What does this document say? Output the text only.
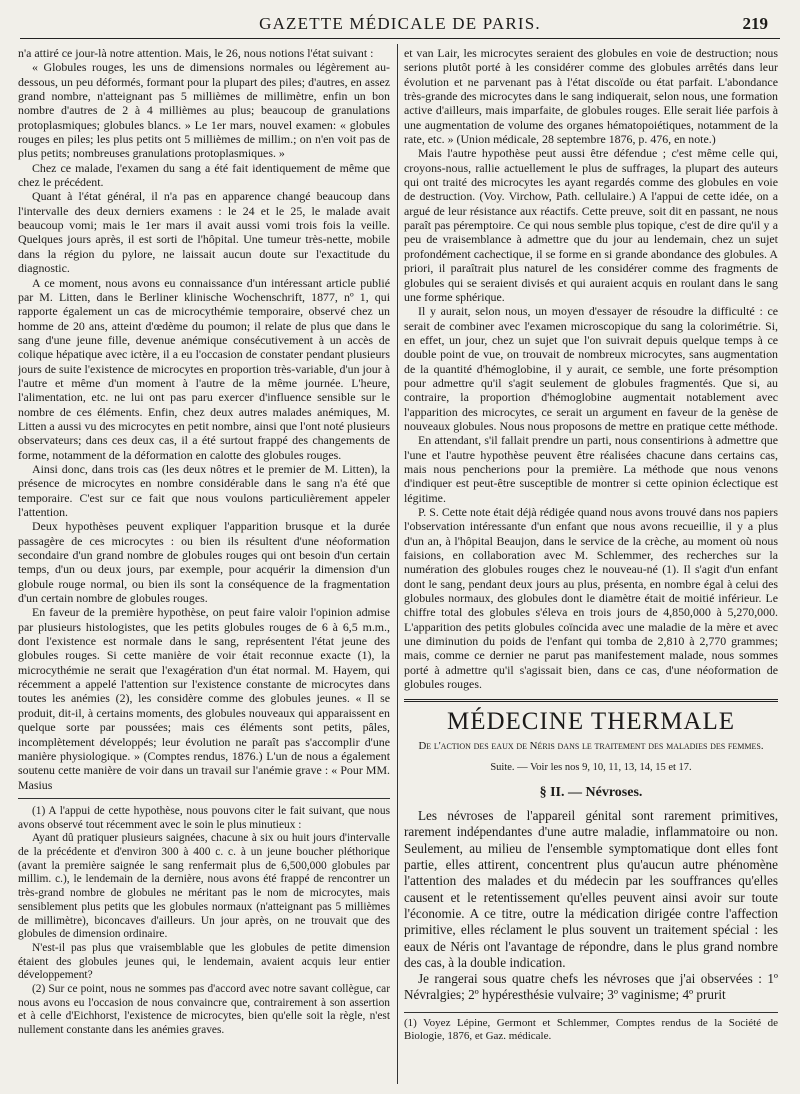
GAZETTE MÉDICALE DE PARIS.	219

n'a attiré ce jour-là notre attention. Mais, le 26, nous notions l'état suivant :

« Globules rouges, les uns de dimensions normales ou légèrement au-dessous, un peu déformés, formant pour la plupart des piles; d'autres, en assez grand nombre, n'atteignant pas 5 millièmes de millimètre, enfin un bon nombre d'autres de 2 à 4 millièmes au plus; beaucoup de granulations protoplasmiques; globules blancs. » Le 1er mars, nouvel examen: « globules rouges en piles; les plus petits ont 5 millièmes de millim.; on n'en voit pas de plus petits; nombreuses granulations protoplasmiques. »

Chez ce malade, l'examen du sang a été fait identiquement de même que chez le précédent.

Quant à l'état général, il n'a pas en apparence changé beaucoup dans l'intervalle des deux derniers examens : le 24 et le 25, le malade avait beaucoup vomi; mais le 1er mars il avait aussi vomi trois fois la veille. Quelques jours après, il est sorti de l'hôpital. Une tumeur très-nette, mobile dans la région du pylore, ne laissait aucun doute sur l'exactitude du diagnostic.

A ce moment, nous avons eu connaissance d'un intéressant article publié par M. Litten, dans le Berliner klinische Wochenschrift, 1877, nº 1, qui rapporte également un cas de microcythémie temporaire, observé chez un homme de 20 ans, atteint d'œdème du poumon; il relate de plus que dans le sang d'une jeune fille, devenue anémique consécutivement à un accès de colique hépatique avec ictère, il a eu l'occasion de constater pendant plusieurs jours de suite l'existence de microcytes en proportion très-variable, d'un jour à l'autre et même d'un moment à l'autre de la même journée. L'heure, l'alimentation, etc. ne lui ont pas paru exercer d'influence sensible sur le nombre de ces éléments. Enfin, chez deux autres malades anémiques, M. Litten a aussi vu des microcytes en petit nombre, ainsi que l'ont noté plusieurs observateurs; dans ces deux cas, il a été surtout frappé des changements de forme, notamment de la déformation en calotte des globules rouges.

Ainsi donc, dans trois cas (les deux nôtres et le premier de M. Litten), la présence de microcytes en nombre considérable dans le sang n'a été que temporaire. C'est sur ce fait que nous voulons particulièrement appeler l'attention.

Deux hypothèses peuvent expliquer l'apparition brusque et la durée passagère de ces microcytes : ou bien ils résultent d'une néoformation secondaire d'un grand nombre de globules rouges qui ont besoin d'un certain temps, d'un ou deux jours, par exemple, pour acquérir la dimension d'un globule rouge normal, ou bien ils sont la conséquence de la fragmentation d'un certain nombre de globules rouges.

En faveur de la première hypothèse, on peut faire valoir l'opinion admise par plusieurs histologistes, que les petits globules rouges de 6 à 6,5 m.m., dont l'existence est normale dans le sang, représentent l'état jeune des globules rouges. Si cette manière de voir était reconnue exacte (1), la microcythémie ne serait que l'exagération d'un état normal. M. Hayem, qui récemment a appelé l'attention sur l'existence constante de microcytes dans toutes les anémies (2), les considère comme des globules jeunes. « Il se produit, dit-il, à certains moments, des globules nouveaux qui apparaissent en quelque sorte par poussées; mais ces éléments sont petits, pâles, incomplètement développés; leur évolution ne paraît pas s'accomplir d'une manière physiologique. » (Comptes rendus, 1876.) L'un de nous a également soutenu cette manière de voir dans un travail sur l'anémie grave : « Pour MM. Masius

(1) A l'appui de cette hypothèse, nous pouvons citer le fait suivant, que nous avons observé tout récemment avec le soin le plus minutieux :

Ayant dû pratiquer plusieurs saignées, chacune à six ou huit jours d'intervalle de la précédente et d'environ 300 à 400 c. c. à un jeune boucher pléthorique (avant la première saignée le sang renfermait plus de 6,500,000 globules par millim. c.), le lendemain de la dernière, nous avons été frappé de rencontrer un très-grand nombre de globules ne méritant pas le nom de microcytes, mais sensiblement plus petits que les globules normaux (n'atteignant pas 5 millièmes de millimètre), biconcaves d'ailleurs. Un jour après, on ne trouvait que des globules de dimension ordinaire.

N'est-il pas plus que vraisemblable que les globules de petite dimension étaient des globules jeunes qui, le lendemain, avaient acquis leur entier développement?

(2) Sur ce point, nous ne sommes pas d'accord avec notre savant collègue, car nous avons eu l'occasion de nous convaincre que, contrairement à son assertion et à celle d'Eichhorst, l'existence de microcytes, bien qu'elle soit la règle, n'est nullement constante dans les anémies graves.

et van Lair, les microcytes seraient des globules en voie de destruction; nous serions plutôt porté à les considérer comme des globules arrêtés dans leur évolution et ne parvenant pas à l'état discoïde ou état parfait. L'abondance très-grande des microcytes dans le sang indiquerait, selon nous, une formation active d'ailleurs, mais imparfaite, de globules rouges. Elle serait liée parfois à une augmentation de volume des organes hématopoiétiques, notamment de la rate, etc. » (Union médicale, 28 septembre 1876, p. 476, en note.)

Mais l'autre hypothèse peut aussi être défendue ; c'est même celle qui, croyons-nous, rallie actuellement le plus de suffrages, la plupart des auteurs qui ont traité des microcytes les ayant regardés comme des globules en voie de destruction. (Voy. Virchow, Path. cellulaire.) A l'appui de cette idée, on a argué de leur résistance aux réactifs. Cette preuve, soit dit en passant, ne nous paraît pas péremptoire. Ce qui nous semble plus topique, c'est de dire qu'il y a peu de vraisemblance à admettre que du jour au lendemain, chez un sujet profondément cachectique, il se forme en si grande abondance des globules. A priori, il paraîtrait plus naturel de les considérer comme des fragments de globules qui se seraient divisés et qui auraient acquis en roulant dans le sang une forme sphérique.

Il y aurait, selon nous, un moyen d'essayer de résoudre la difficulté : ce serait de combiner avec l'examen microscopique du sang la colorimétrie. Si, en effet, un jour, chez un sujet que l'on suivrait depuis quelque temps à ce double point de vue, on trouvait de nombreux microcytes, sans augmentation de la quantité d'hémoglobine, il y aurait, ce semble, une forte présomption pour admettre qu'il s'agit seulement de globules fragmentés. Que si, au contraire, la proportion d'hémoglobine augmentait notablement avec l'apparition des microcytes, ce serait un argument en faveur de la genèse de nouveaux globules. Nous nous proposons de mettre en pratique cette méthode.

En attendant, s'il fallait prendre un parti, nous consentirions à admettre que l'une et l'autre hypothèse peuvent être réalisées chacune dans certains cas, mais nous pencherions pour la première. La méthode que nous venons d'indiquer est peut-être susceptible de montrer si cette opinion éclectique est légitime.

P. S. Cette note était déjà rédigée quand nous avons trouvé dans nos papiers l'observation intéressante d'un enfant que nous avons recueillie, il y a plus d'un an, à l'hôpital Beaujon, dans le service de la crèche, au moment où nous faisions, en collaboration avec M. Schlemmer, des recherches sur la numération des globules rouges chez le nouveau-né (1). Il s'agit d'un enfant dont le sang, pendant deux jours au plus, présenta, en nombre égal à celui des globules normaux, des globules dont le diamètre était de moitié inférieur. Le chiffre total des globules s'éleva en trois jours de 4,850,000 à 5,270,000. L'apparition des petits globules coïncida avec une maladie de la mère et avec une diminution du poids de l'enfant qui tomba de 2,810 à 2,770 grammes; mais, comme ce dernier ne parut pas manifestement malade, nous sommes porté à admettre qu'il s'agissait bien, dans ce cas, d'une néoformation de globules rouges.

MÉDECINE THERMALE
De l'action des eaux de Néris dans le traitement des maladies des femmes.
Suite. — Voir les nos 9, 10, 11, 13, 14, 15 et 17.
§ II. — Névroses.

Les névroses de l'appareil génital sont rarement primitives, rarement indépendantes d'une autre maladie, inflammatoire ou non. Seulement, au milieu de l'ensemble symptomatique dont elles font partie, elles attirent, concentrent plus qu'aucun autre phénomène l'attention des malades et du médecin par les souffrances qu'elles causent et le retentissement qu'elles peuvent ainsi avoir sur toute l'économie. A ce titre, outre la médication dirigée contre l'affection primitive, elles réclament le plus souvent un traitement spécial : les eaux de Néris ont l'avantage de répondre, dans le plus grand nombre des cas, à la double indication.

Je rangerai sous quatre chefs les névroses que j'ai observées : 1º Névralgies; 2º hypéresthésie vulvaire; 3º vaginisme; 4º prurit

(1) Voyez Lépine, Germont et Schlemmer, Comptes rendus de la Société de Biologie, 1876, et Gaz. médicale.
